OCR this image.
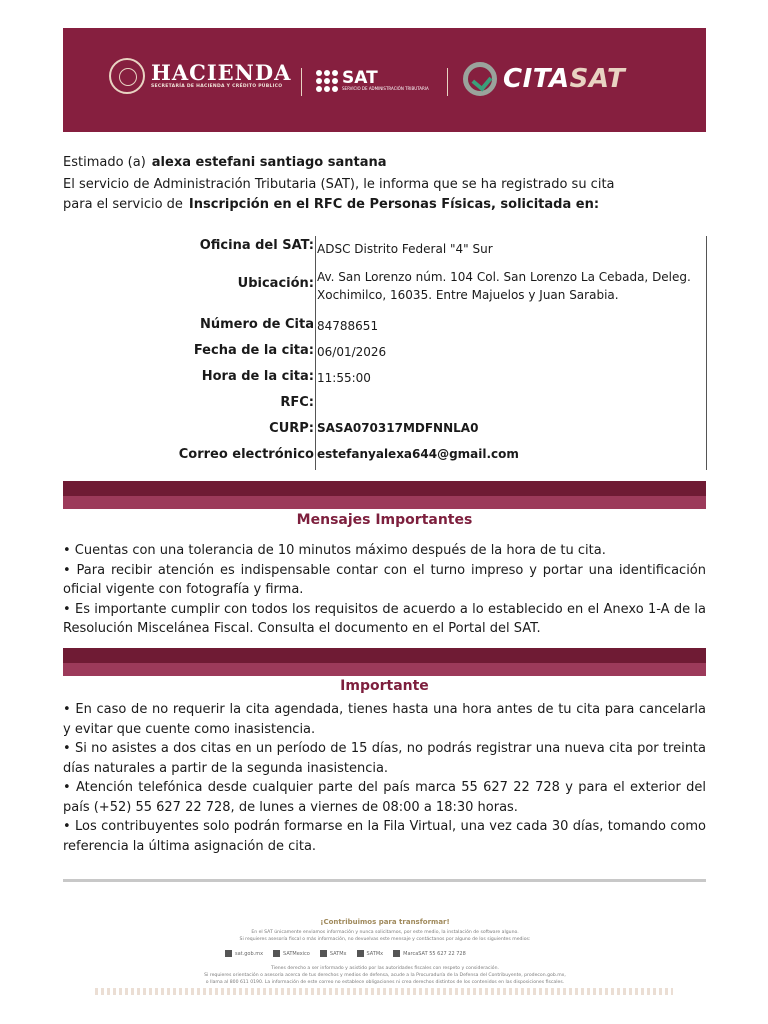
HACIENDA
SECRETARÍA DE HACIENDA Y CRÉDITO PÚBLICO	SAT
SERVICIO DE ADMINISTRACIÓN TRIBUTARIA	CITASAT
Estimado (a) alexa estefani santiago santana
El servicio de Administración Tributaria (SAT), le informa que se ha registrado su cita
para el servicio de Inscripción en el RFC de Personas Físicas, solicitada en:
Oficina del SAT: ADSC Distrito Federal "4" Sur
Ubicación: Av. San Lorenzo núm. 104 Col. San Lorenzo La Cebada, Deleg. Xochimilco, 16035. Entre Majuelos y Juan Sarabia.
Número de Cita 84788651
Fecha de la cita: 06/01/2026
Hora de la cita: 11:55:00
RFC:
CURP: SASA070317MDFNNLA0
Correo electrónico estefanyalexa644@gmail.com
Mensajes Importantes

• Cuentas con una tolerancia de 10 minutos máximo después de la hora de tu cita.

• Para recibir atención es indispensable contar con el turno impreso y portar una identificación oficial vigente con fotografía y firma.

• Es importante cumplir con todos los requisitos de acuerdo a lo establecido en el Anexo 1-A de la Resolución Miscelánea Fiscal. Consulta el documento en el Portal del SAT.

Importante

• En caso de no requerir la cita agendada, tienes hasta una hora antes de tu cita para cancelarla y evitar que cuente como inasistencia.

• Si no asistes a dos citas en un período de 15 días, no podrás registrar una nueva cita por treinta días naturales a partir de la segunda inasistencia.

• Atención telefónica desde cualquier parte del país marca 55 627 22 728 y para el exterior del país (+52) 55 627 22 728, de lunes a viernes de 08:00 a 18:30 horas.

• Los contribuyentes solo podrán formarse en la Fila Virtual, una vez cada 30 días, tomando como referencia la última asignación de cita.

¡Contribuimos para transformar!
En el SAT únicamente enviamos información y nunca solicitamos, por este medio, la instalación de software alguno.
Si requieres asesoría fiscal o más información, no devuelvas este mensaje y contáctanos por alguno de los siguientes medios:
sat.gob.mx	SATMexico	SATMx	SATMx	MarcaSAT 55 627 22 728
Tienes derecho a ser informado y asistido por las autoridades fiscales con respeto y consideración.
Si requieres orientación o asesoría acerca de tus derechos y medios de defensa, acude a la Procuraduría de la Defensa del Contribuyente, prodecon.gob.mx,
o llama al 800 611 0190. La información de este correo no establece obligaciones ni crea derechos distintos de los contenidos en las disposiciones fiscales.
